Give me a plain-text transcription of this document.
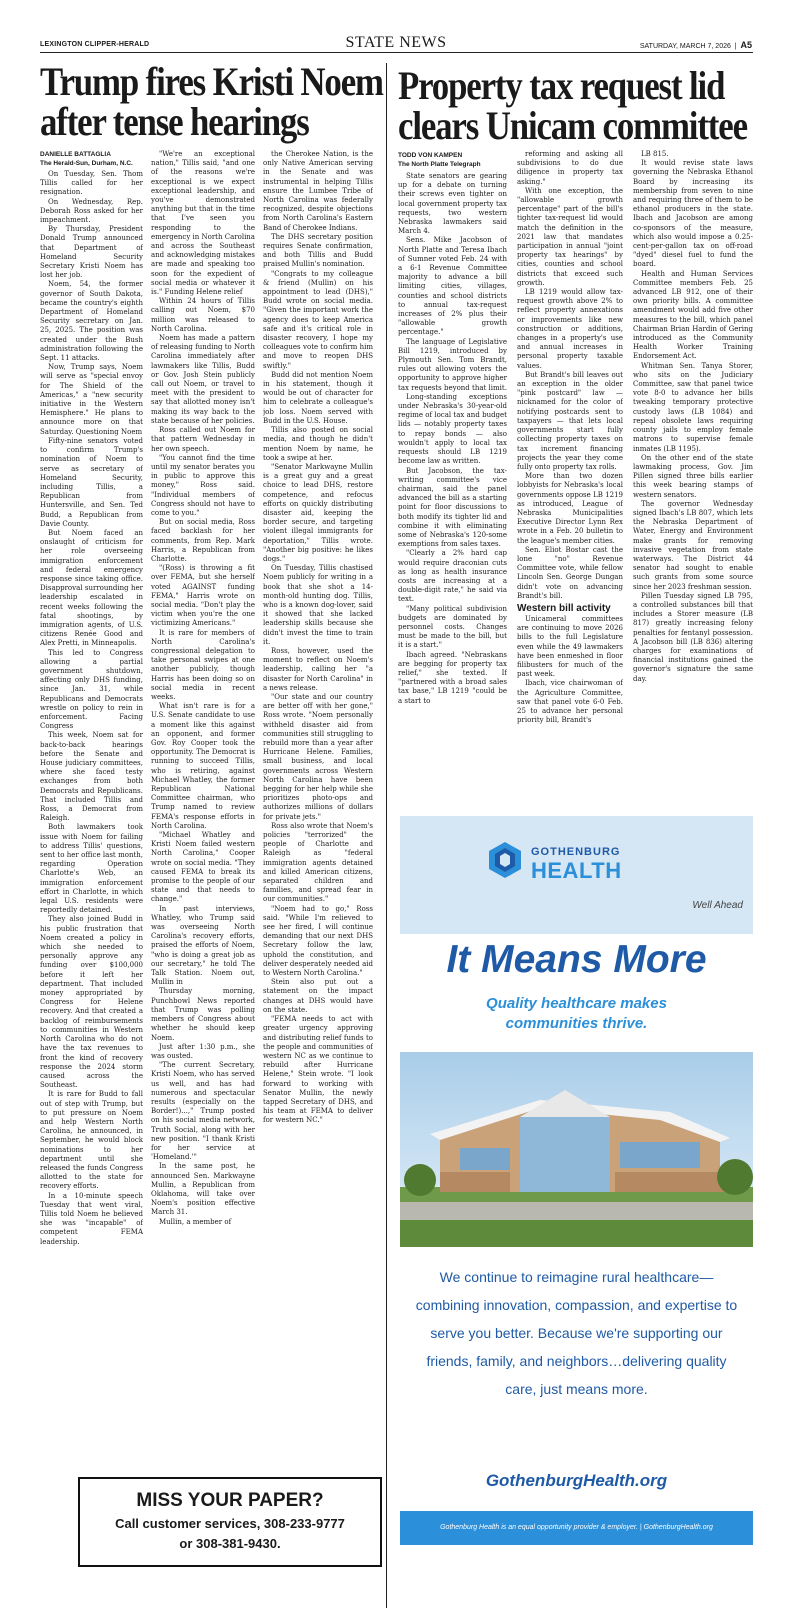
LEXINGTON CLIPPER-HERALD	STATE NEWS	SATURDAY, MARCH 7, 2026  |  A5
Trump fires Kristi Noem
after tense hearings
DANIELLE BATTAGLIA
The Herald-Sun, Durham, N.C.

On Tuesday, Sen. Thom Tillis called for her resignation.

On Wednesday, Rep. Deborah Ross asked for her impeachment.

By Thursday, President Donald Trump announced that Department of Homeland Security Secretary Kristi Noem has lost her job.

Noem, 54, the former governor of South Dakota, became the country's eighth Department of Homeland Security secretary on Jan. 25, 2025. The position was created under the Bush administration following the Sept. 11 attacks.

Now, Trump says, Noem will serve as "special envoy for The Shield of the Americas," a "new security initiative in the Western Hemisphere." He plans to announce more on that Saturday. Questioning Noem

Fifty-nine senators voted to confirm Trump's nomination of Noem to serve as secretary of Homeland Security, including Tillis, a Republican from Huntersville, and Sen. Ted Budd, a Republican from Davie County.

But Noem faced an onslaught of criticism for her role overseeing immigration enforcement and federal emergency response since taking office. Disapproval surrounding her leadership escalated in recent weeks following the fatal shootings, by immigration agents, of U.S. citizens Renée Good and Alex Pretti, in Minneapolis.

This led to Congress allowing a partial government shutdown, affecting only DHS funding, since Jan. 31, while Republicans and Democrats wrestle on policy to rein in enforcement. Facing Congress

This week, Noem sat for back-to-back hearings before the Senate and House judiciary committees, where she faced testy exchanges from both Democrats and Republicans. That included Tillis and Ross, a Democrat from Raleigh.

Both lawmakers took issue with Noem for failing to address Tillis' questions, sent to her office last month, regarding Operation Charlotte's Web, an immigration enforcement effort in Charlotte, in which legal U.S. residents were reportedly detained.

They also joined Budd in his public frustration that Noem created a policy in which she needed to personally approve any funding over $100,000 before it left her department. That included money appropriated by Congress for Helene recovery. And that created a backlog of reimbursements to communities in Western North Carolina who do not have the tax revenues to front the kind of recovery response the 2024 storm caused across the Southeast.

It is rare for Budd to fall out of step with Trump, but to put pressure on Noem and help Western North Carolina, he announced, in September, he would block nominations to her department until she released the funds Congress allotted to the state for recovery efforts.

In a 10-minute speech Tuesday that went viral, Tillis told Noem he believed she was "incapable" of competent FEMA leadership.

"We're an exceptional nation," Tillis said, "and one of the reasons we're exceptional is we expect exceptional leadership, and you've demonstrated anything but that in the time that I've seen you responding to the emergency in North Carolina and across the Southeast and acknowledging mistakes are made and speaking too soon for the expedient of social media or whatever it is." Funding Helene relief

Within 24 hours of Tillis calling out Noem, $70 million was released to North Carolina.

Noem has made a pattern of releasing funding to North Carolina immediately after lawmakers like Tillis, Budd or Gov. Josh Stein publicly call out Noem, or travel to meet with the president to say that allotted money isn't making its way back to the state because of her policies.

Ross called out Noem for that pattern Wednesday in her own speech.

"You cannot find the time until my senator berates you in public to approve this money," Ross said. "Individual members of Congress should not have to come to you."

But on social media, Ross faced backlash for her comments, from Rep. Mark Harris, a Republican from Charlotte.

"(Ross) is throwing a fit over FEMA, but she herself voted AGAINST funding FEMA," Harris wrote on social media. "Don't play the victim when you're the one victimizing Americans."

It is rare for members of North Carolina's congressional delegation to take personal swipes at one another publicly, though Harris has been doing so on social media in recent weeks.

What isn't rare is for a U.S. Senate candidate to use a moment like this against an opponent, and former Gov. Roy Cooper took the opportunity. The Democrat is running to succeed Tillis, who is retiring, against Michael Whatley, the former Republican National Committee chairman, who Trump named to review FEMA's response efforts in North Carolina.

"Michael Whatley and Kristi Noem failed western North Carolina," Cooper wrote on social media. "They caused FEMA to break its promise to the people of our state and that needs to change."

In past interviews, Whatley, who Trump said was overseeing North Carolina's recovery efforts, praised the efforts of Noem, "who is doing a great job as our secretary," he told The Talk Station. Noem out, Mullin in

Thursday morning, Punchbowl News reported that Trump was polling members of Congress about whether he should keep Noem.

Just after 1:30 p.m., she was ousted.

"The current Secretary, Kristi Noem, who has served us well, and has had numerous and spectacular results (especially on the Border!)...," Trump posted on his social media network, Truth Social, along with her new position. "I thank Kristi for her service at 'Homeland.'"

In the same post, he announced Sen. Markwayne Mullin, a Republican from Oklahoma, will take over Noem's position effective March 31.

Mullin, a member of

the Cherokee Nation, is the only Native American serving in the Senate and was instrumental in helping Tillis ensure the Lumbee Tribe of North Carolina was federally recognized, despite objections from North Carolina's Eastern Band of Cherokee Indians.

The DHS secretary position requires Senate confirmation, and both Tillis and Budd praised Mullin's nomination.

"Congrats to my colleague & friend (Mullin) on his appointment to lead (DHS)," Budd wrote on social media. "Given the important work the agency does to keep America safe and it's critical role in disaster recovery, I hope my colleagues vote to confirm him and move to reopen DHS swiftly."

Budd did not mention Noem in his statement, though it would be out of character for him to celebrate a colleague's job loss. Noem served with Budd in the U.S. House.

Tillis also posted on social media, and though he didn't mention Noem by name, he took a swipe at her.

"Senator Markwayne Mullin is a great guy and a great choice to lead DHS, restore competence, and refocus efforts on quickly distributing disaster aid, keeping the border secure, and targeting violent illegal immigrants for deportation," Tillis wrote. "Another big positive: he likes dogs."

On Tuesday, Tillis chastised Noem publicly for writing in a book that she shot a 14-month-old hunting dog. Tillis, who is a known dog-lover, said it showed that she lacked leadership skills because she didn't invest the time to train it.

Ross, however, used the moment to reflect on Noem's leadership, calling her "a disaster for North Carolina" in a news release.

"Our state and our country are better off with her gone," Ross wrote. "Noem personally withheld disaster aid from communities still struggling to rebuild more than a year after Hurricane Helene. Families, small business, and local governments across Western North Carolina have been begging for her help while she prioritizes photo-ops and authorizes millions of dollars for private jets."

Ross also wrote that Noem's policies "terrorized" the people of Charlotte and Raleigh as "federal immigration agents detained and killed American citizens, separated children and families, and spread fear in our communities."

"Noem had to go," Ross said. "While I'm relieved to see her fired, I will continue demanding that our next DHS Secretary follow the law, uphold the constitution, and deliver desperately needed aid to Western North Carolina."

Stein also put out a statement on the impact changes at DHS would have on the state.

"FEMA needs to act with greater urgency approving and distributing relief funds to the people and communities of western NC as we continue to rebuild after Hurricane Helene," Stein wrote. "I look forward to working with Senator Mullin, the newly tapped Secretary of DHS, and his team at FEMA to deliver for western NC."

MISS YOUR PAPER?
Call customer services, 308-233-9777
or 308-381-9430.
Property tax request lid
clears Unicam committee
TODD VON KAMPEN
The North Platte Telegraph

State senators are gearing up for a debate on turning their screws even tighter on local government property tax requests, two western Nebraska lawmakers said March 4.

Sens. Mike Jacobson of North Platte and Teresa Ibach of Sumner voted Feb. 24 with a 6-1 Revenue Committee majority to advance a bill limiting cities, villages, counties and school districts to annual tax-request increases of 2% plus their "allowable growth percentage."

The language of Legislative Bill 1219, introduced by Plymouth Sen. Tom Brandt, rules out allowing voters the opportunity to approve higher tax requests beyond that limit.

Long-standing exceptions under Nebraska's 30-year-old regime of local tax and budget lids — notably property taxes to repay bonds — also wouldn't apply to local tax requests should LB 1219 become law as written.

But Jacobson, the tax-writing committee's vice chairman, said the panel advanced the bill as a starting point for floor discussions to both modify its tighter lid and combine it with eliminating some of Nebraska's 120-some exemptions from sales taxes.

"Clearly a 2% hard cap would require draconian cuts as long as health insurance costs are increasing at a double-digit rate," he said via text.

"Many political subdivision budgets are dominated by personnel costs. Changes must be made to the bill, but it is a start."

Ibach agreed. "Nebraskans are begging for property tax relief," she texted. If "partnered with a broad sales tax base," LB 1219 "could be a start to

reforming and asking all subdivisions to do due diligence in property tax asking."

With one exception, the "allowable growth percentage" part of the bill's tighter tax-request lid would match the definition in the 2021 law that mandates participation in annual "joint property tax hearings" by cities, counties and school districts that exceed such growth.

LB 1219 would allow tax-request growth above 2% to reflect property annexations or improvements like new construction or additions, changes in a property's use and annual increases in personal property taxable values.

But Brandt's bill leaves out an exception in the older "pink postcard" law — nicknamed for the color of notifying postcards sent to taxpayers — that lets local governments start fully collecting property taxes on tax increment financing projects the year they come fully onto property tax rolls.

More than two dozen lobbyists for Nebraska's local governments oppose LB 1219 as introduced, League of Nebraska Municipalities Executive Director Lynn Rex wrote in a Feb. 20 bulletin to the league's member cities.

Sen. Eliot Bostar cast the lone "no" Revenue Committee vote, while fellow Lincoln Sen. George Dungan didn't vote on advancing Brandt's bill.

Western bill activity

Unicameral committees are continuing to move 2026 bills to the full Legislature even while the 49 lawmakers have been enmeshed in floor filibusters for much of the past week.

Ibach, vice chairwoman of the Agriculture Committee, saw that panel vote 6-0 Feb. 25 to advance her personal priority bill, Brandt's

LB 815.

It would revise state laws governing the Nebraska Ethanol Board by increasing its membership from seven to nine and requiring three of them to be ethanol producers in the state. Ibach and Jacobson are among co-sponsors of the measure, which also would impose a 0.25-cent-per-gallon tax on off-road "dyed" diesel fuel to fund the board.

Health and Human Services Committee members Feb. 25 advanced LB 912, one of their own priority bills. A committee amendment would add five other measures to the bill, which panel Chairman Brian Hardin of Gering introduced as the Community Health Worker Training Endorsement Act.

Whitman Sen. Tanya Storer, who sits on the Judiciary Committee, saw that panel twice vote 8-0 to advance her bills tweaking temporary protective custody laws (LB 1084) and repeal obsolete laws requiring county jails to employ female matrons to supervise female inmates (LB 1195).

On the other end of the state lawmaking process, Gov. Jim Pillen signed three bills earlier this week bearing stamps of western senators.

The governor Wednesday signed Ibach's LB 807, which lets the Nebraska Department of Water, Energy and Environment make grants for removing invasive vegetation from state waterways. The District 44 senator had sought to enable such grants from some source since her 2023 freshman session.

Pillen Tuesday signed LB 795, a controlled substances bill that includes a Storer measure (LB 817) greatly increasing felony penalties for fentanyl possession. A Jacobson bill (LB 836) altering charges for examinations of financial institutions gained the governor's signature the same day.

GOTHENBURG
HEALTH
Well Ahead
It Means More
Quality healthcare makes
communities thrive.
We continue to reimagine rural healthcare—combining innovation, compassion, and expertise to serve you better. Because we're supporting our friends, family, and neighbors…delivering quality care, just means more.
GothenburgHealth.org
Gothenburg Health is an equal opportunity provider & employer. | GothenburgHealth.org
